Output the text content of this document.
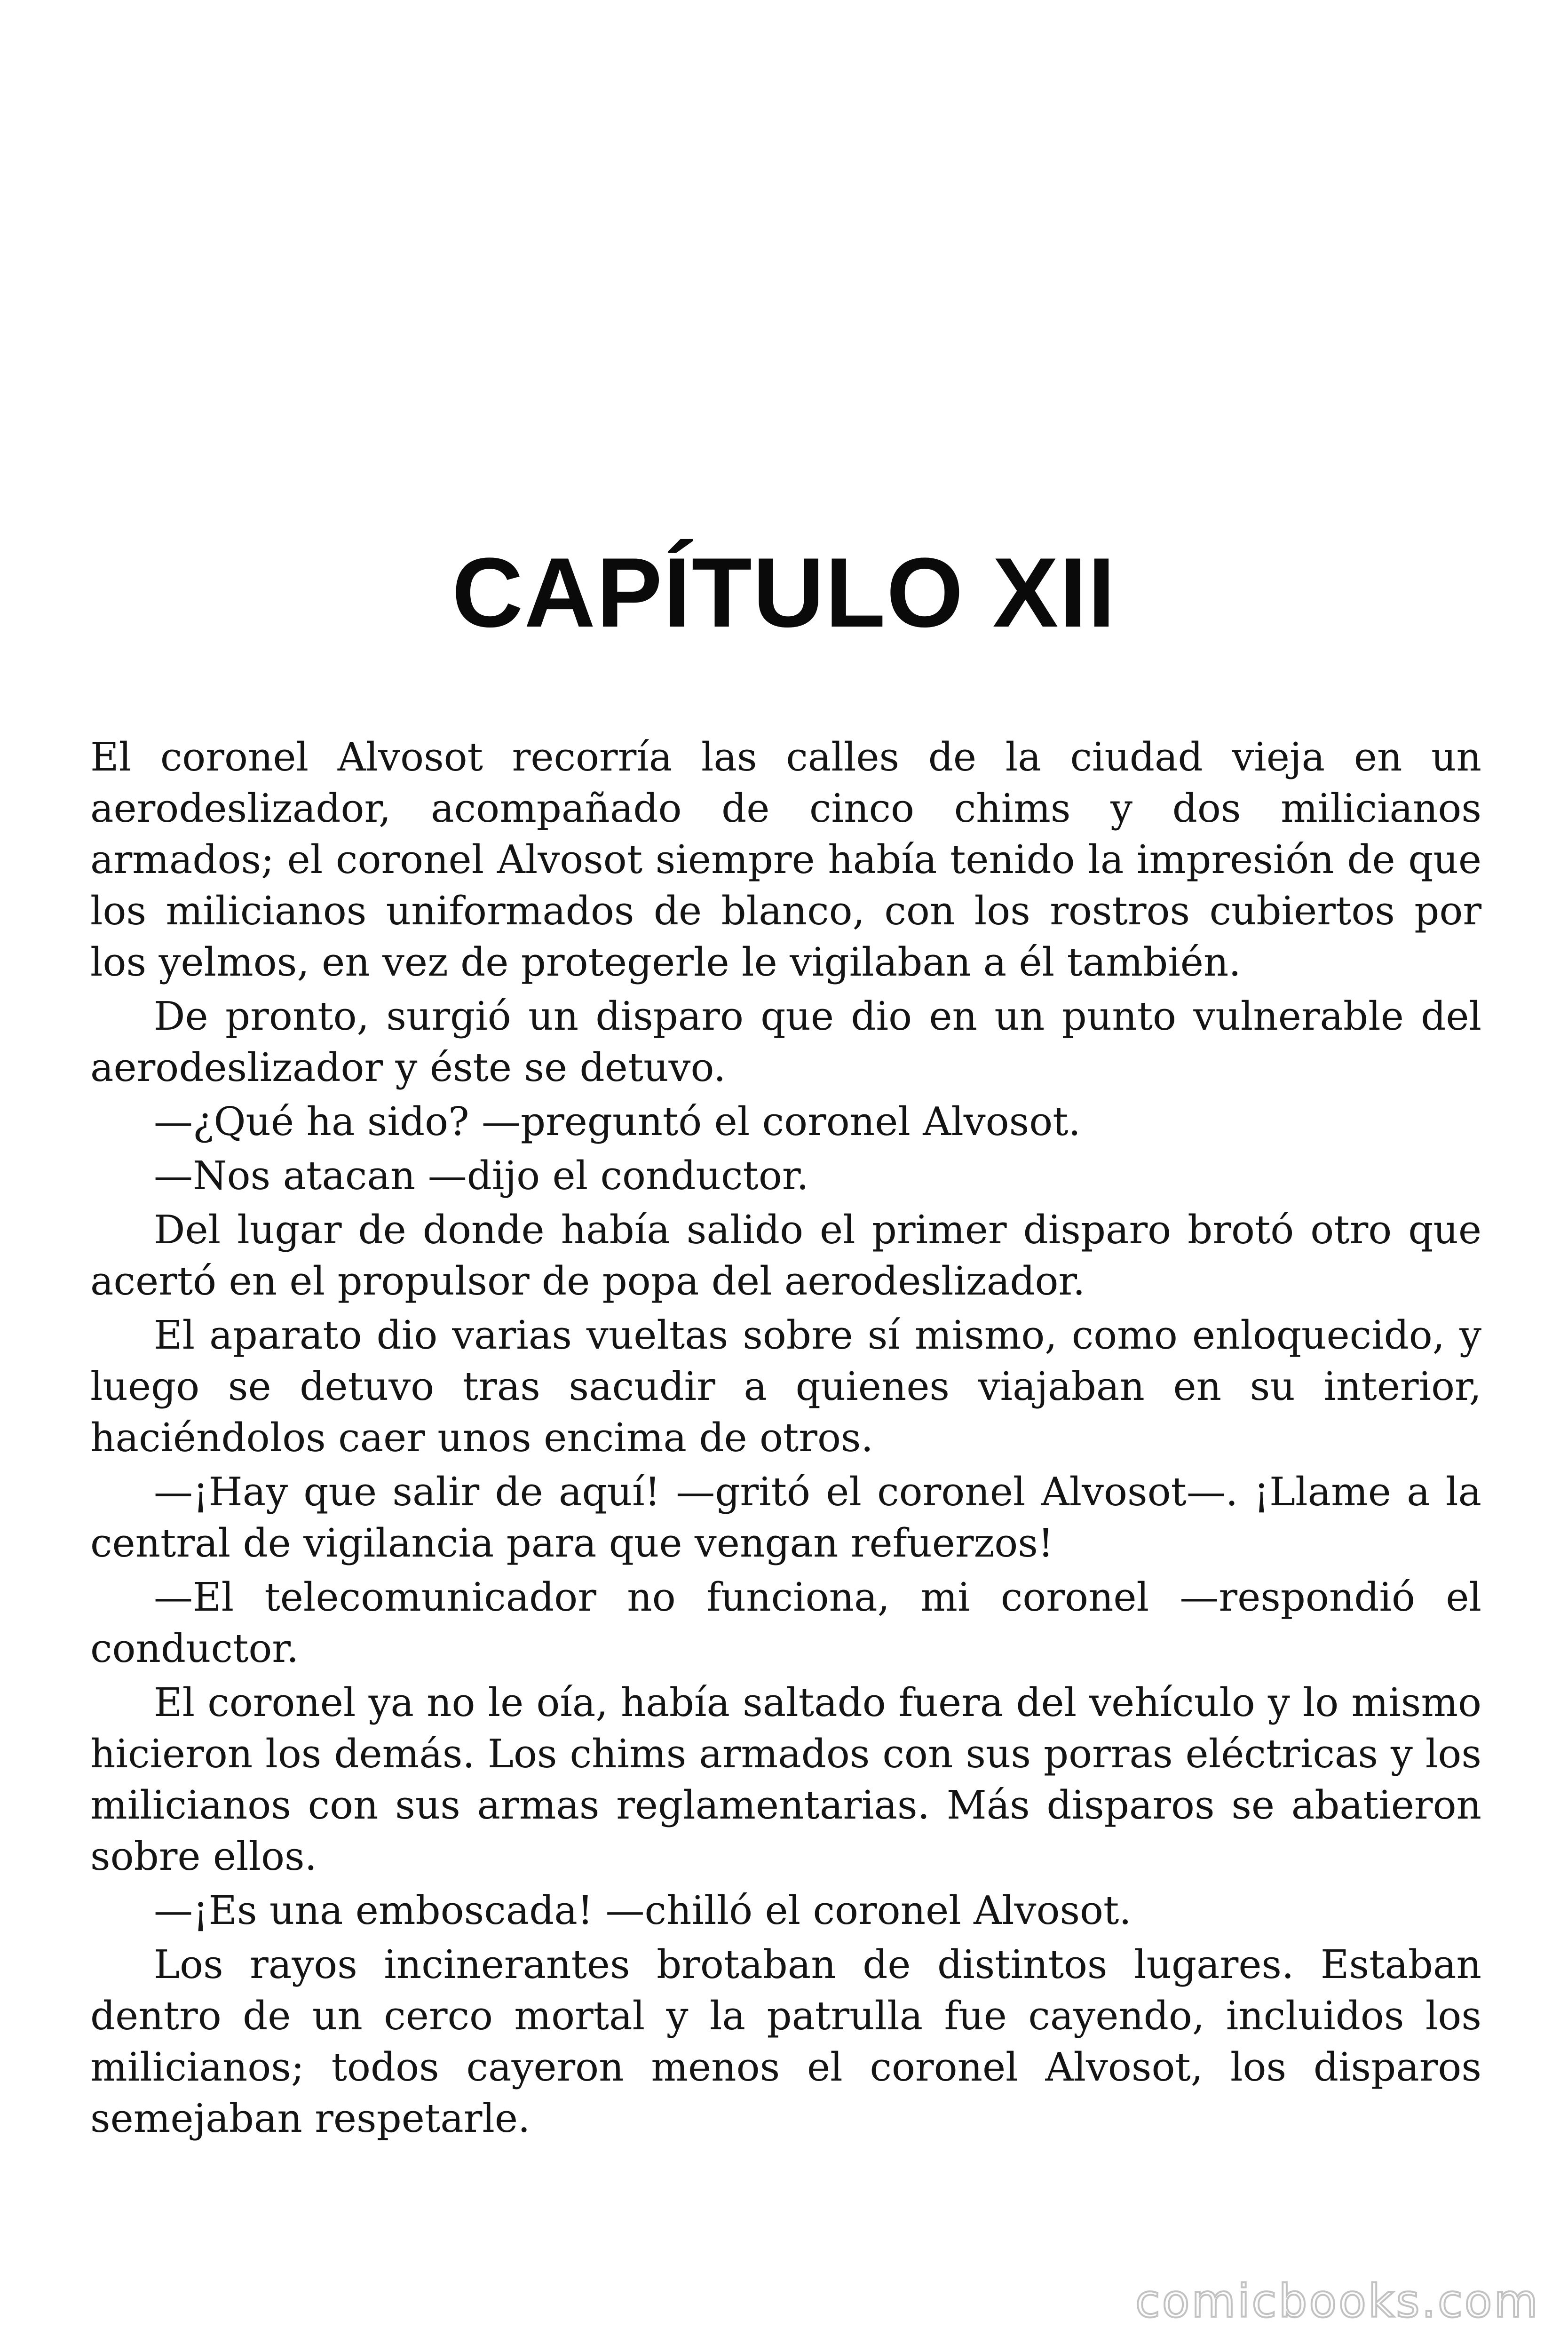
CAPÍTULO XII

El coronel Alvosot recorría las calles de la ciudad vieja en un aerodeslizador, acompañado de cinco chims y dos milicianos armados; el coronel Alvosot siempre había tenido la impresión de que los milicianos uniformados de blanco, con los rostros cubiertos por los yelmos, en vez de protegerle le vigilaban a él también.

De pronto, surgió un disparo que dio en un punto vulnerable del aerodeslizador y éste se detuvo.

—¿Qué ha sido? —preguntó el coronel Alvosot.

—Nos atacan —dijo el conductor.

Del lugar de donde había salido el primer disparo brotó otro que acertó en el propulsor de popa del aerodeslizador.

El aparato dio varias vueltas sobre sí mismo, como enloquecido, y luego se detuvo tras sacudir a quienes viajaban en su interior, haciéndolos caer unos encima de otros.

—¡Hay que salir de aquí! —gritó el coronel Alvosot—. ¡Llame a la central de vigilancia para que vengan refuerzos!

—El telecomunicador no funciona, mi coronel —respondió el conductor.

El coronel ya no le oía, había saltado fuera del vehículo y lo mismo hicieron los demás. Los chims armados con sus porras eléctricas y los milicianos con sus armas reglamentarias. Más disparos se abatieron sobre ellos.

—¡Es una emboscada! —chilló el coronel Alvosot.

Los rayos incinerantes brotaban de distintos lugares. Estaban dentro de un cerco mortal y la patrulla fue cayendo, incluidos los milicianos; todos cayeron menos el coronel Alvosot, los disparos semejaban respetarle.

comicbooks.com
